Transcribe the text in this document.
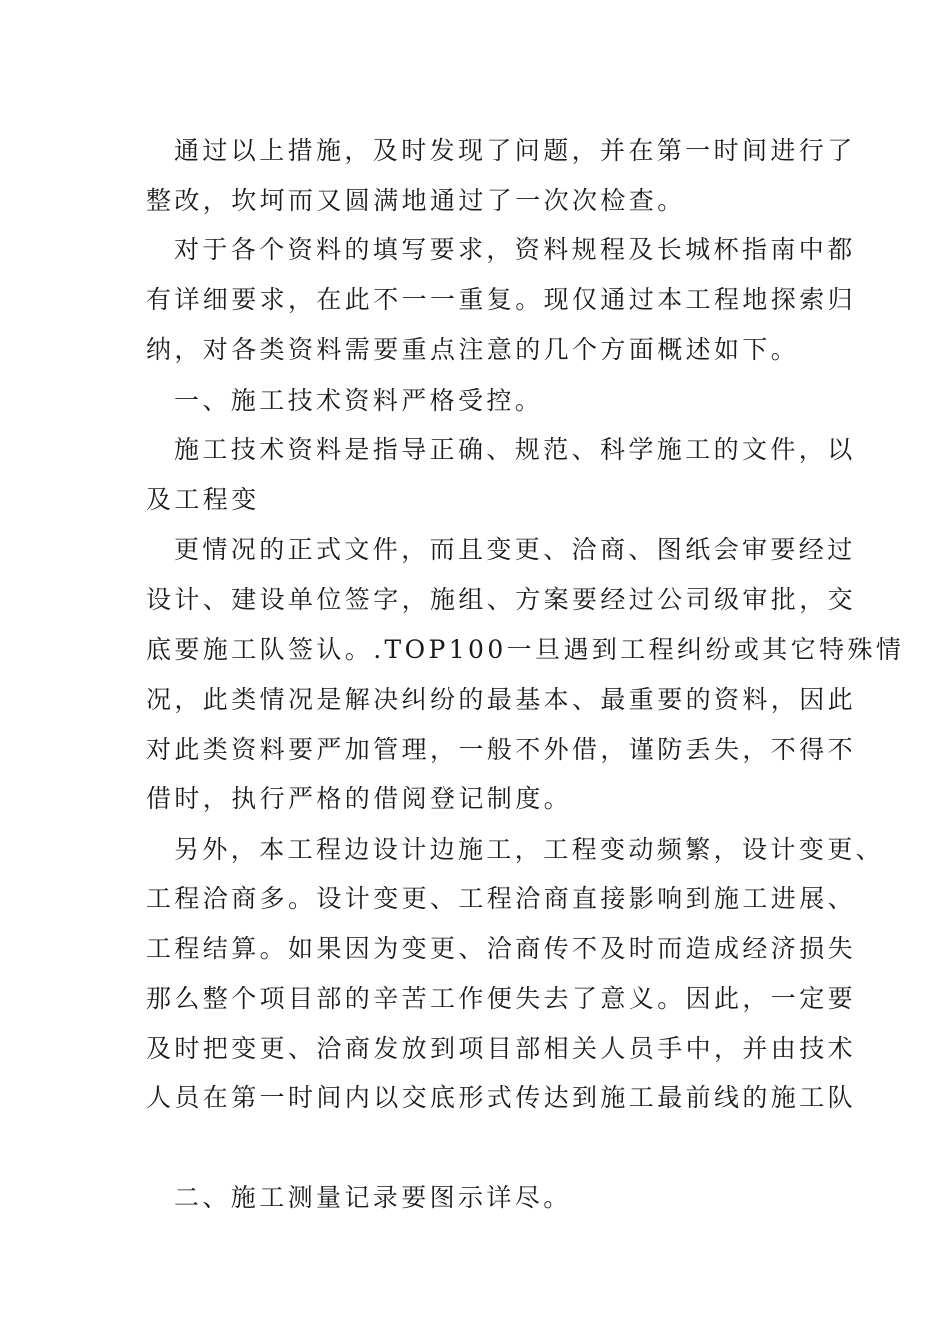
通过以上措施，及时发现了问题，并在第一时间进行了
整改，坎坷而又圆满地通过了一次次检查。
对于各个资料的填写要求，资料规程及长城杯指南中都
有详细要求，在此不一一重复。现仅通过本工程地探索归
纳，对各类资料需要重点注意的几个方面概述如下。
一、施工技术资料严格受控。
施工技术资料是指导正确、规范、科学施工的文件，以
及工程变
更情况的正式文件，而且变更、洽商、图纸会审要经过
设计、建设单位签字，施组、方案要经过公司级审批，交
底要施工队签认。.TOP100一旦遇到工程纠纷或其它特殊情
况，此类情况是解决纠纷的最基本、最重要的资料，因此
对此类资料要严加管理，一般不外借，谨防丢失，不得不
借时，执行严格的借阅登记制度。
另外，本工程边设计边施工，工程变动频繁，设计变更、
工程洽商多。设计变更、工程洽商直接影响到施工进展、
工程结算。如果因为变更、洽商传不及时而造成经济损失
那么整个项目部的辛苦工作便失去了意义。因此，一定要
及时把变更、洽商发放到项目部相关人员手中，并由技术
人员在第一时间内以交底形式传达到施工最前线的施工队
二、施工测量记录要图示详尽。
